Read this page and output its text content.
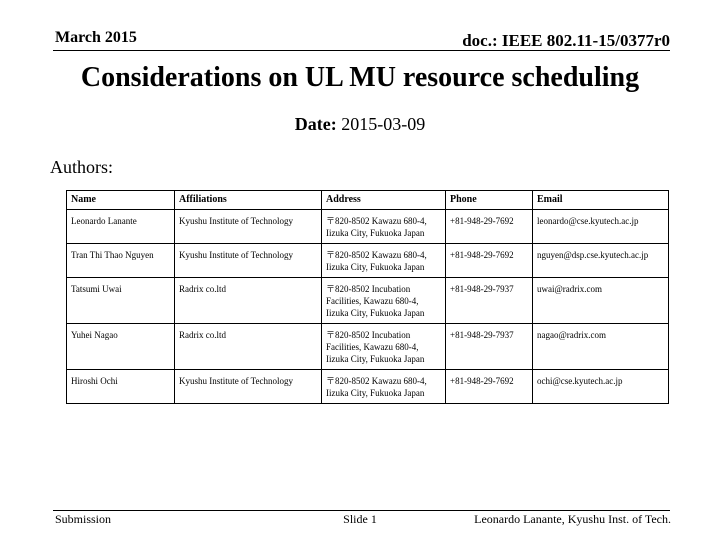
March 2015	doc.: IEEE 802.11-15/0377r0
Considerations on UL MU resource scheduling
Date: 2015-03-09
Authors:
Name	Affiliations	Address	Phone	Email
Leonardo Lanante	Kyushu Institute of Technology	〒820-8502 Kawazu 680-4, Iizuka City, Fukuoka Japan	+81-948-29-7692	leonardo@cse.kyutech.ac.jp
Tran Thi Thao Nguyen	Kyushu Institute of Technology	〒820-8502 Kawazu 680-4, Iizuka City, Fukuoka Japan	+81-948-29-7692	nguyen@dsp.cse.kyutech.ac.jp
Tatsumi Uwai	Radrix co.ltd	〒820-8502 Incubation Facilities, Kawazu 680-4, Iizuka City, Fukuoka Japan	+81-948-29-7937	uwai@radrix.com
Yuhei Nagao	Radrix co.ltd	〒820-8502 Incubation Facilities, Kawazu 680-4, Iizuka City, Fukuoka Japan	+81-948-29-7937	nagao@radrix.com
Hiroshi Ochi	Kyushu Institute of Technology	〒820-8502 Kawazu 680-4, Iizuka City, Fukuoka Japan	+81-948-29-7692	ochi@cse.kyutech.ac.jp
Submission	Slide 1	Leonardo Lanante, Kyushu Inst. of Tech.
